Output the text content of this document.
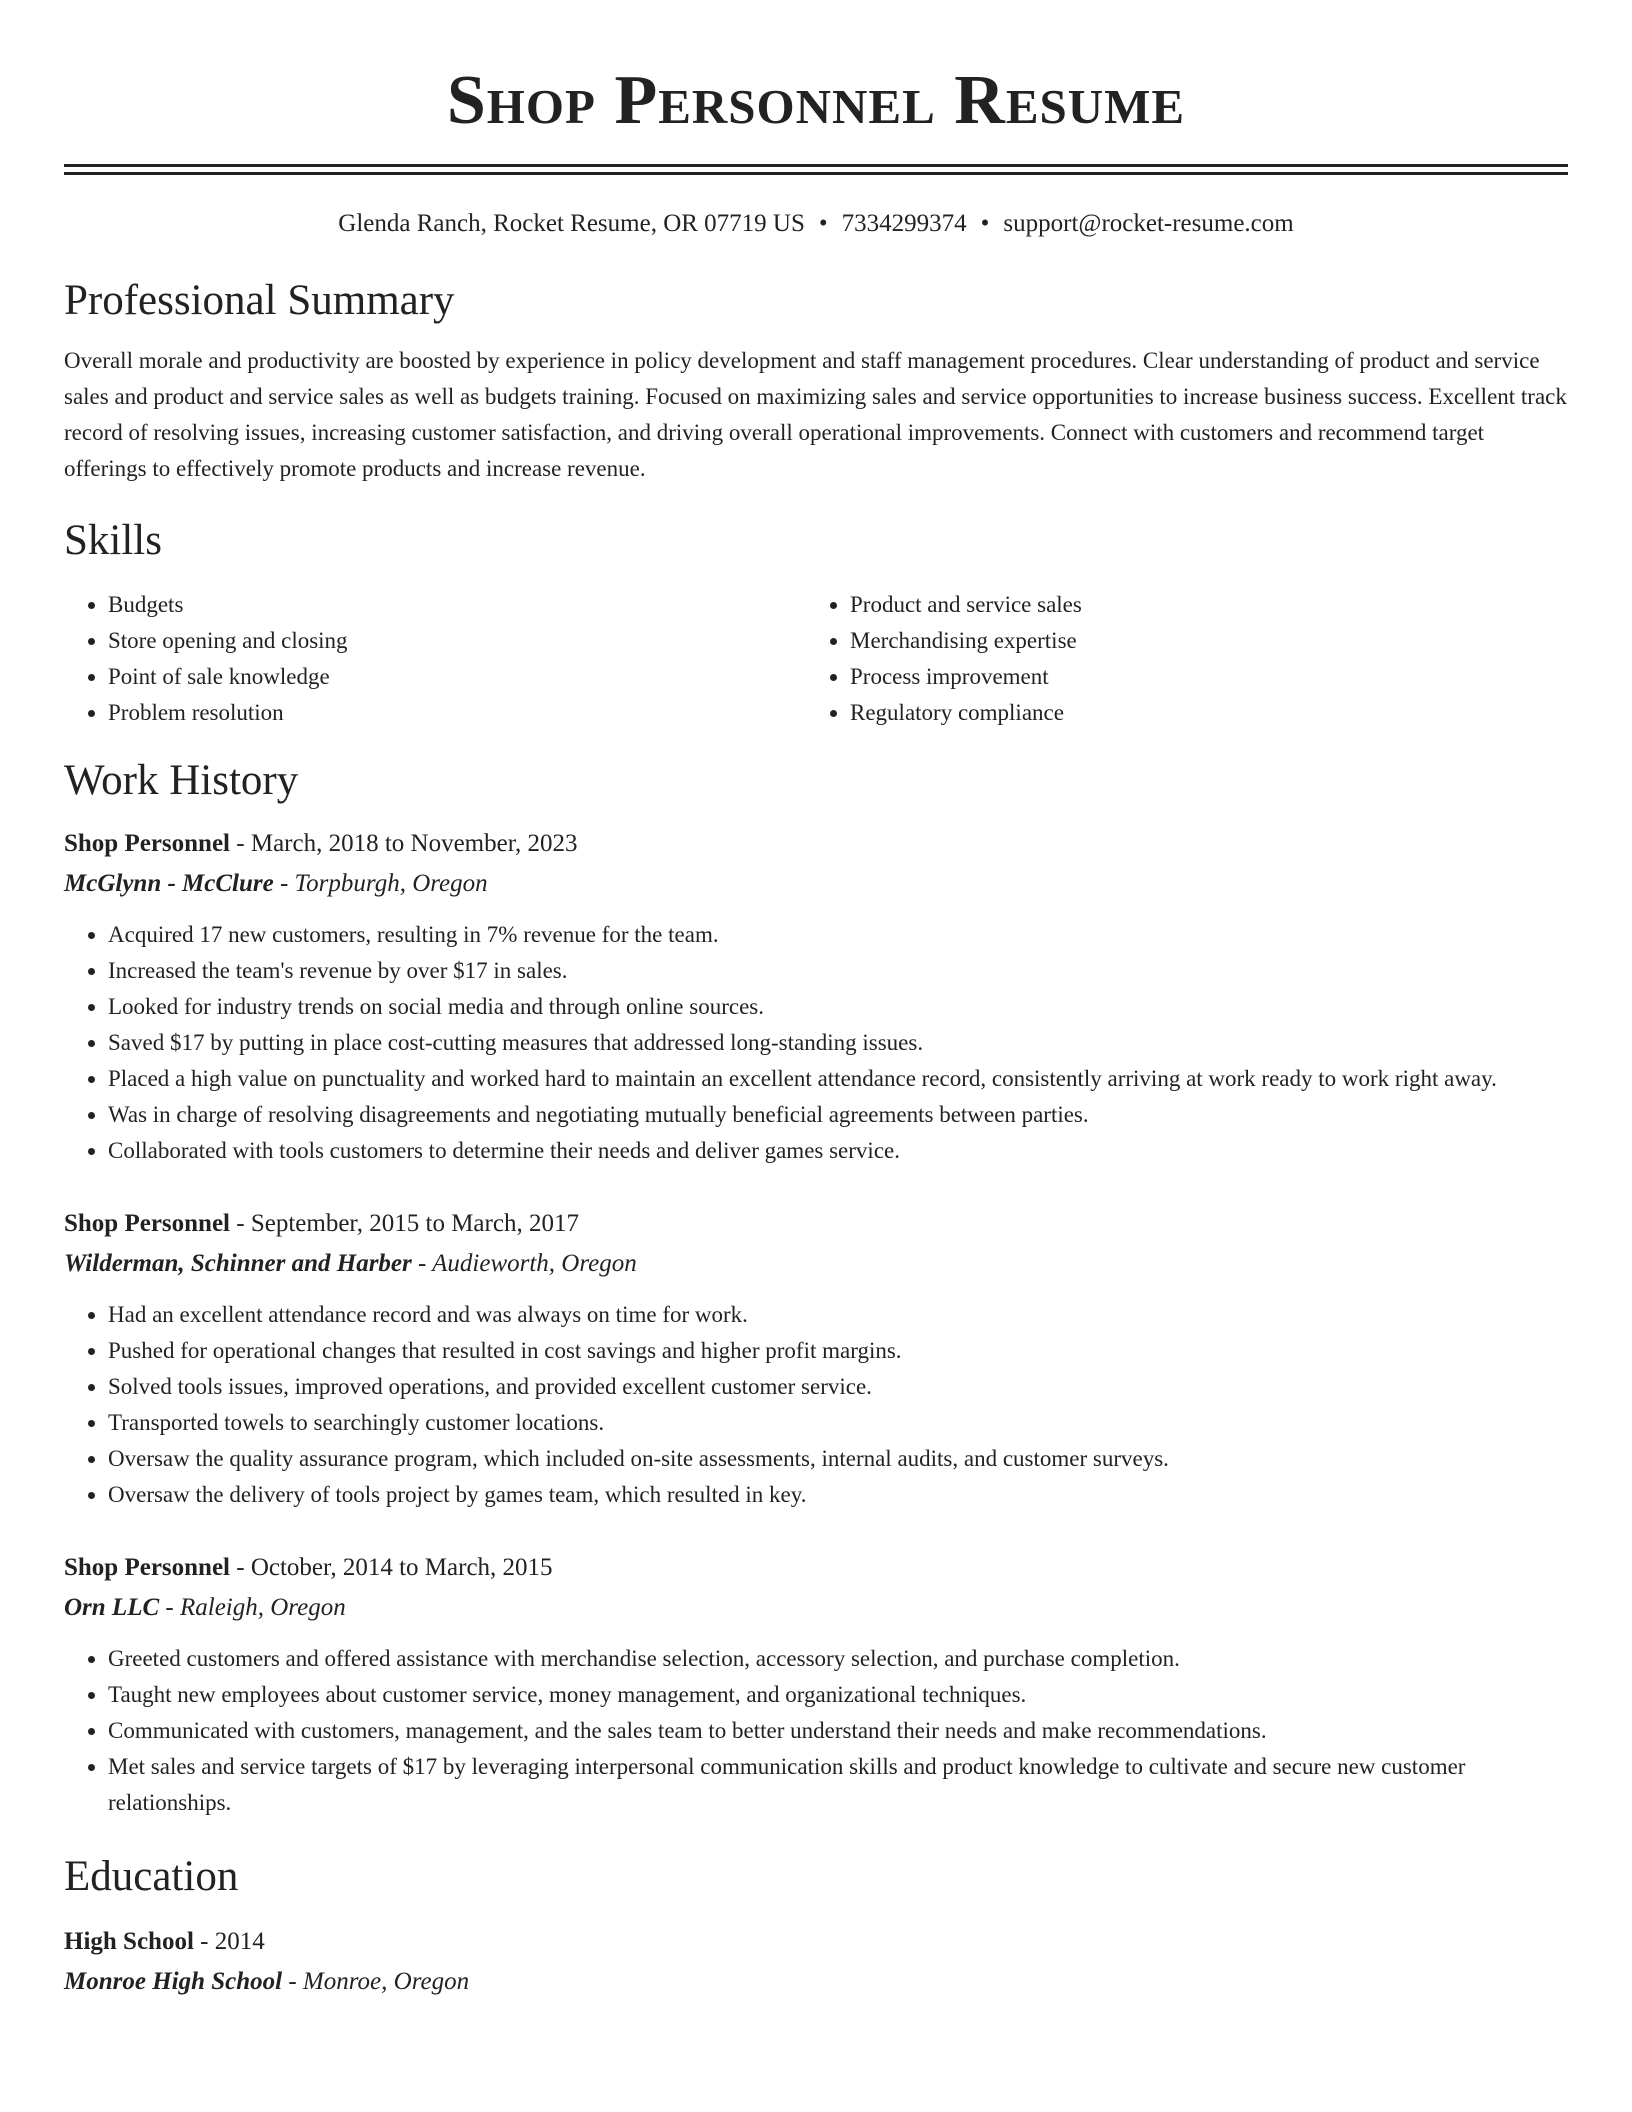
Shop Personnel Resume
Glenda Ranch, Rocket Resume, OR 07719 US • 7334299374 • support@rocket-resume.com
Professional Summary
Overall morale and productivity are boosted by experience in policy development and staff management procedures. Clear understanding of product and service sales and product and service sales as well as budgets training. Focused on maximizing sales and service opportunities to increase business success. Excellent track record of resolving issues, increasing customer satisfaction, and driving overall operational improvements. Connect with customers and recommend target offerings to effectively promote products and increase revenue.
Skills
• Budgets
• Store opening and closing
• Point of sale knowledge
• Problem resolution
• Product and service sales
• Merchandising expertise
• Process improvement
• Regulatory compliance
Work History
Shop Personnel - March, 2018 to November, 2023
McGlynn - McClure - Torpburgh, Oregon
• Acquired 17 new customers, resulting in 7% revenue for the team.
• Increased the team's revenue by over $17 in sales.
• Looked for industry trends on social media and through online sources.
• Saved $17 by putting in place cost-cutting measures that addressed long-standing issues.
• Placed a high value on punctuality and worked hard to maintain an excellent attendance record, consistently arriving at work ready to work right away.
• Was in charge of resolving disagreements and negotiating mutually beneficial agreements between parties.
• Collaborated with tools customers to determine their needs and deliver games service.
Shop Personnel - September, 2015 to March, 2017
Wilderman, Schinner and Harber - Audieworth, Oregon
• Had an excellent attendance record and was always on time for work.
• Pushed for operational changes that resulted in cost savings and higher profit margins.
• Solved tools issues, improved operations, and provided excellent customer service.
• Transported towels to searchingly customer locations.
• Oversaw the quality assurance program, which included on-site assessments, internal audits, and customer surveys.
• Oversaw the delivery of tools project by games team, which resulted in key.
Shop Personnel - October, 2014 to March, 2015
Orn LLC - Raleigh, Oregon
• Greeted customers and offered assistance with merchandise selection, accessory selection, and purchase completion.
• Taught new employees about customer service, money management, and organizational techniques.
• Communicated with customers, management, and the sales team to better understand their needs and make recommendations.
• Met sales and service targets of $17 by leveraging interpersonal communication skills and product knowledge to cultivate and secure new customer relationships.
Education
High School - 2014
Monroe High School - Monroe, Oregon
